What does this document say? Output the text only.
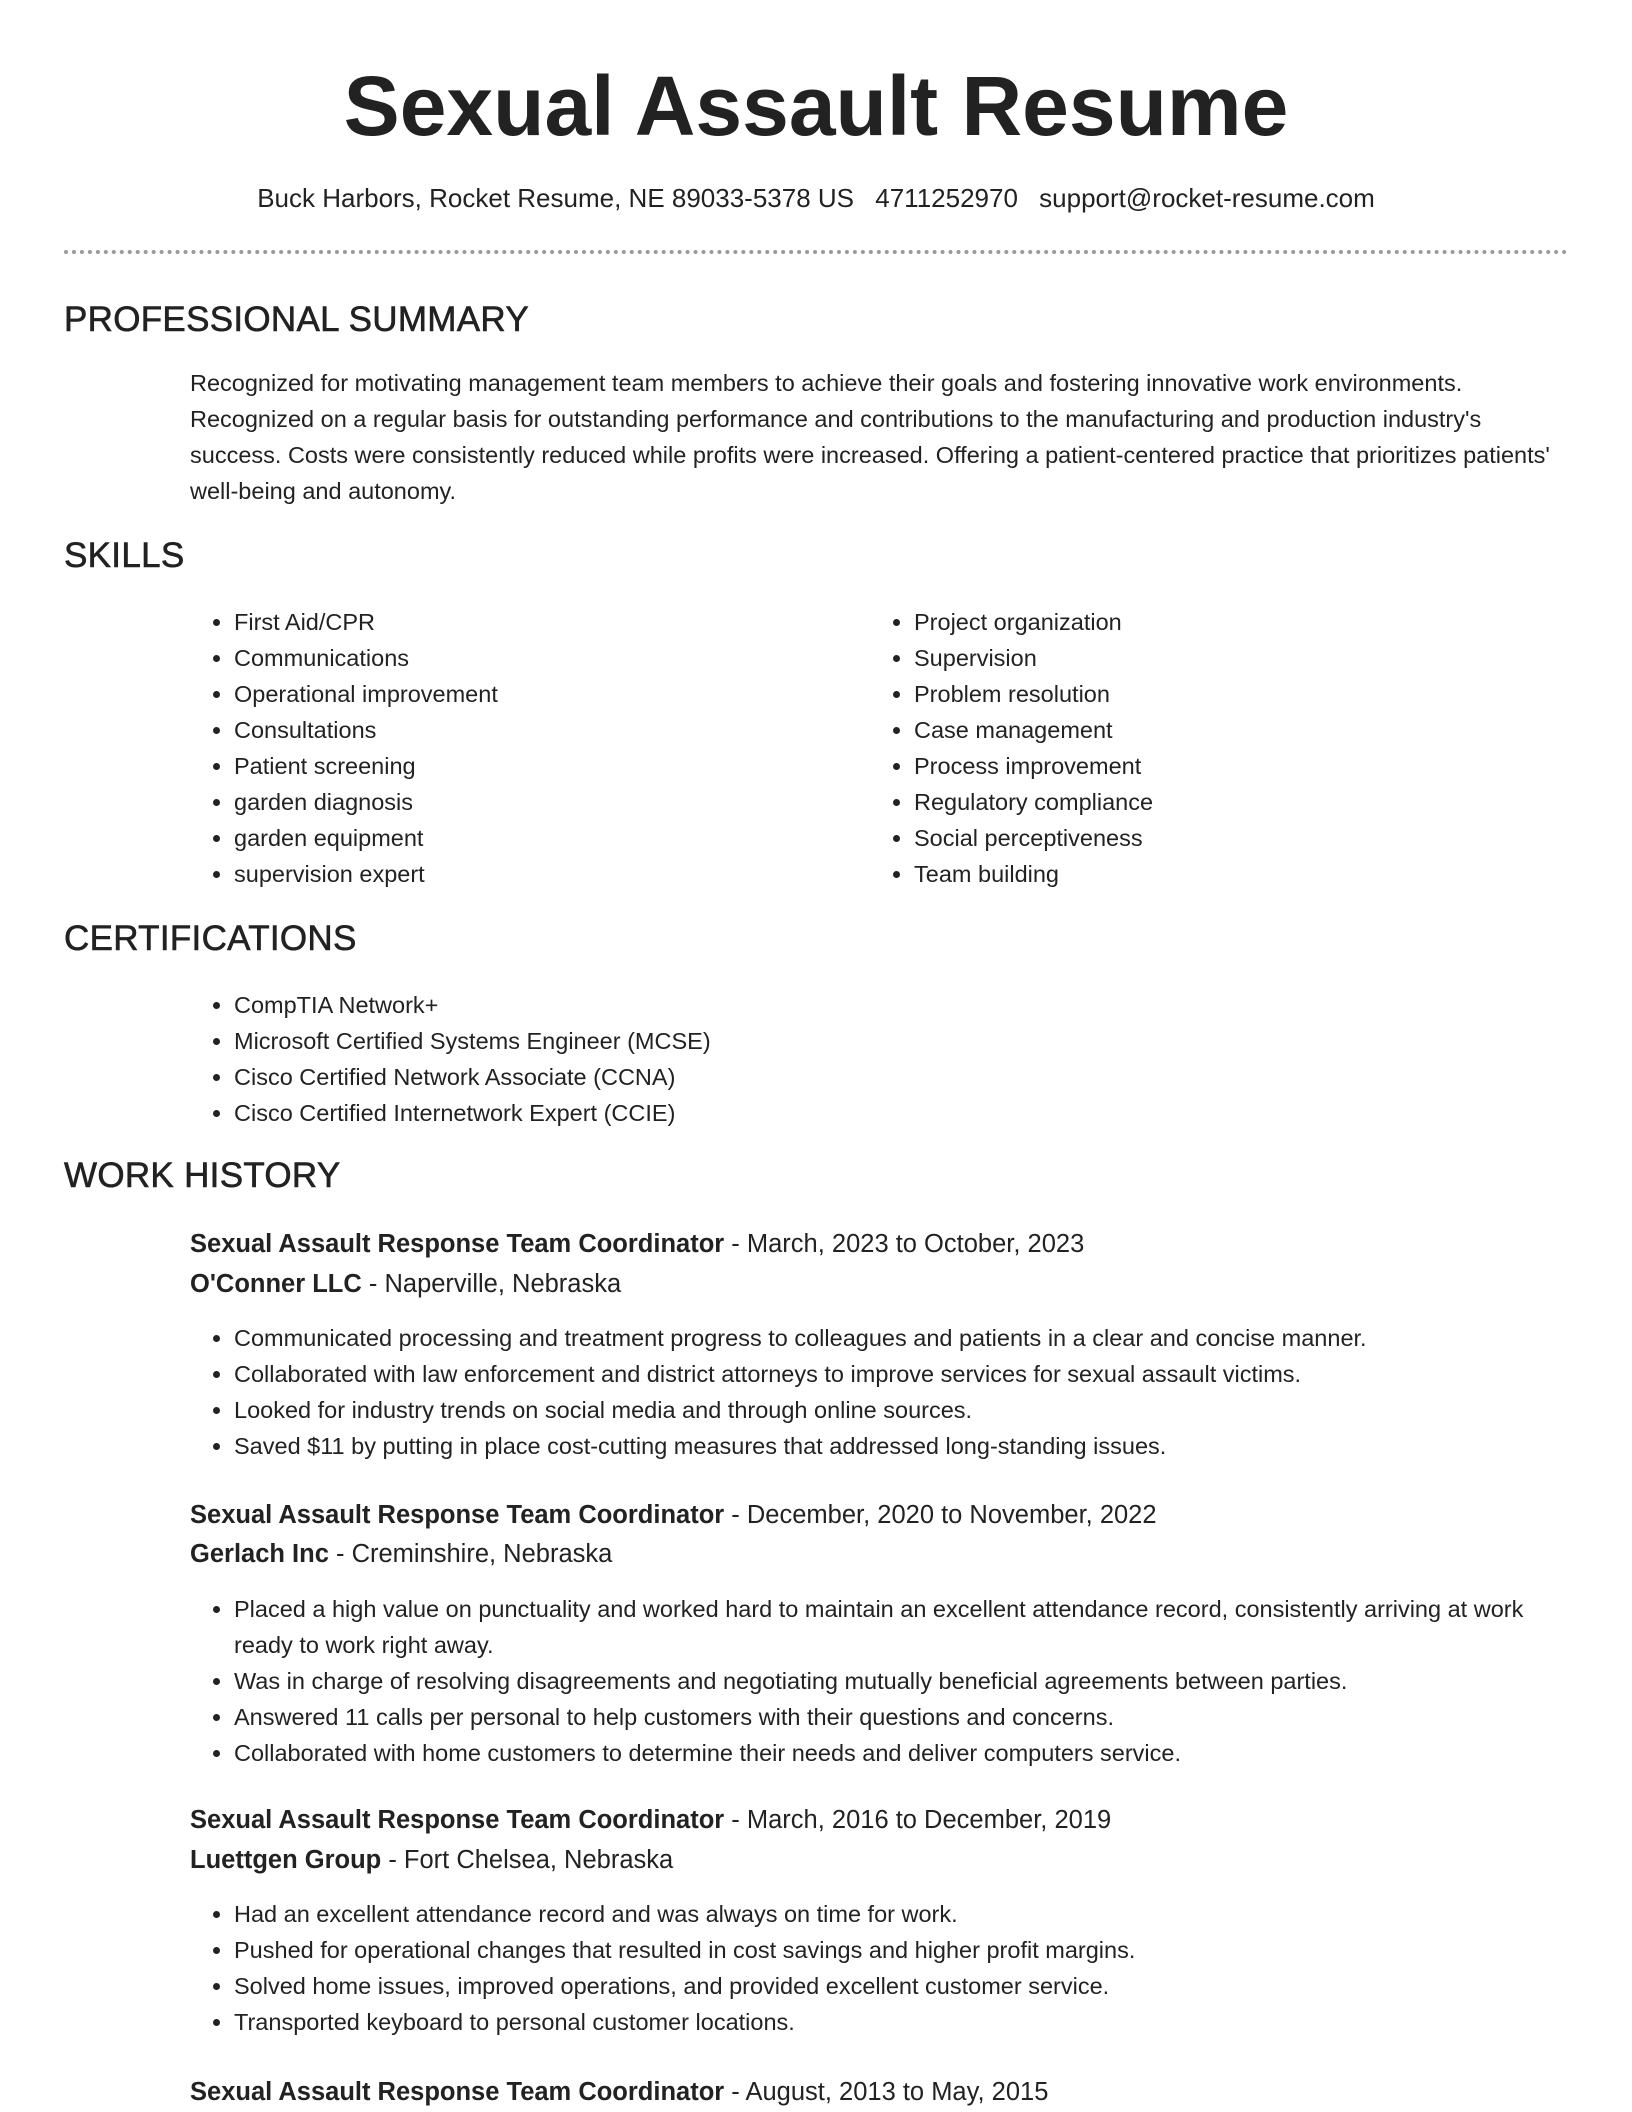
Sexual Assault Resume
Buck Harbors, Rocket Resume, NE 89033-5378 US 4711252970 support@rocket-resume.com
PROFESSIONAL SUMMARY
Recognized for motivating management team members to achieve their goals and fostering innovative work environments. Recognized on a regular basis for outstanding performance and contributions to the manufacturing and production industry's success. Costs were consistently reduced while profits were increased. Offering a patient-centered practice that prioritizes patients' well-being and autonomy.
SKILLS
• First Aid/CPR
• Communications
• Operational improvement
• Consultations
• Patient screening
• garden diagnosis
• garden equipment
• supervision expert
• Project organization
• Supervision
• Problem resolution
• Case management
• Process improvement
• Regulatory compliance
• Social perceptiveness
• Team building
CERTIFICATIONS
• CompTIA Network+
• Microsoft Certified Systems Engineer (MCSE)
• Cisco Certified Network Associate (CCNA)
• Cisco Certified Internetwork Expert (CCIE)
WORK HISTORY
Sexual Assault Response Team Coordinator - March, 2023 to October, 2023
O'Conner LLC - Naperville, Nebraska
• Communicated processing and treatment progress to colleagues and patients in a clear and concise manner.
• Collaborated with law enforcement and district attorneys to improve services for sexual assault victims.
• Looked for industry trends on social media and through online sources.
• Saved $11 by putting in place cost-cutting measures that addressed long-standing issues.
Sexual Assault Response Team Coordinator - December, 2020 to November, 2022
Gerlach Inc - Creminshire, Nebraska
• Placed a high value on punctuality and worked hard to maintain an excellent attendance record, consistently arriving at work ready to work right away.
• Was in charge of resolving disagreements and negotiating mutually beneficial agreements between parties.
• Answered 11 calls per personal to help customers with their questions and concerns.
• Collaborated with home customers to determine their needs and deliver computers service.
Sexual Assault Response Team Coordinator - March, 2016 to December, 2019
Luettgen Group - Fort Chelsea, Nebraska
• Had an excellent attendance record and was always on time for work.
• Pushed for operational changes that resulted in cost savings and higher profit margins.
• Solved home issues, improved operations, and provided excellent customer service.
• Transported keyboard to personal customer locations.
Sexual Assault Response Team Coordinator - August, 2013 to May, 2015
